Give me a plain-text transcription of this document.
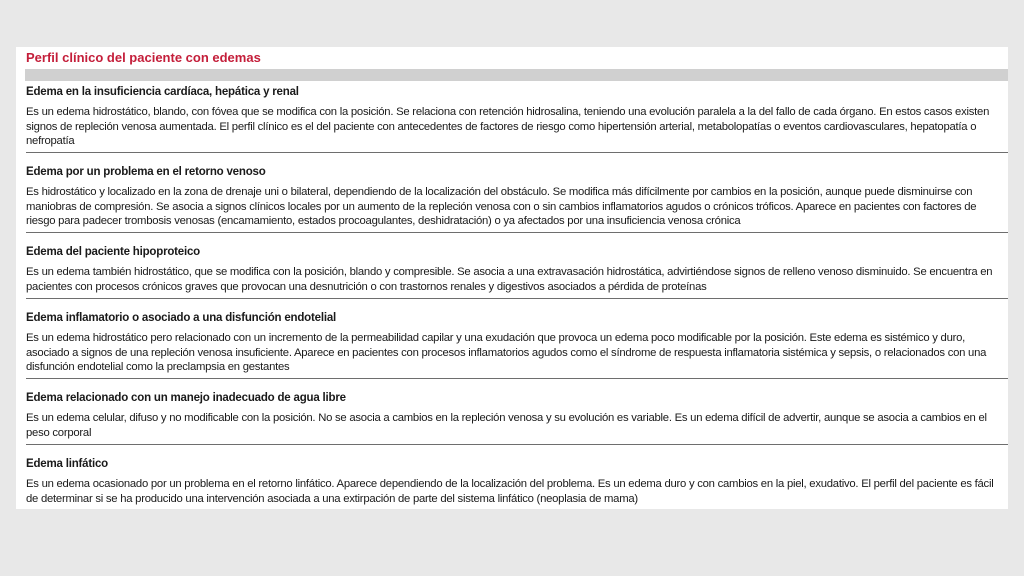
Perfil clínico del paciente con edemas
Edema en la insuficiencia cardíaca, hepática y renal
Es un edema hidrostático, blando, con fóvea que se modifica con la posición. Se relaciona con retención hidrosalina, teniendo una evolución paralela a la del fallo de cada órgano. En estos casos existen signos de repleción venosa aumentada. El perfil clínico es el del paciente con antecedentes de factores de riesgo como hipertensión arterial, metabolopatías o eventos cardiovasculares, hepatopatía o nefropatía
Edema por un problema en el retorno venoso
Es hidrostático y localizado en la zona de drenaje uni o bilateral, dependiendo de la localización del obstáculo. Se modifica más difícilmente por cambios en la posición, aunque puede disminuirse con maniobras de compresión. Se asocia a signos clínicos locales por un aumento de la repleción venosa con o sin cambios inflamatorios agudos o crónicos tróficos. Aparece en pacientes con factores de riesgo para padecer trombosis venosas (encamamiento, estados procoagulantes, deshidratación) o ya afectados por una insuficiencia venosa crónica
Edema del paciente hipoproteico
Es un edema también hidrostático, que se modifica con la posición, blando y compresible. Se asocia a una extravasación hidrostática, advirtiéndose signos de relleno venoso disminuido. Se encuentra en pacientes con procesos crónicos graves que provocan una desnutrición o con trastornos renales y digestivos asociados a pérdida de proteínas
Edema inflamatorio o asociado a una disfunción endotelial
Es un edema hidrostático pero relacionado con un incremento de la permeabilidad capilar y una exudación que provoca un edema poco modificable por la posición. Este edema es sistémico y duro, asociado a signos de una repleción venosa insuficiente. Aparece en pacientes con procesos inflamatorios agudos como el síndrome de respuesta inflamatoria sistémica y sepsis, o relacionados con una disfunción endotelial como la preclampsia en gestantes
Edema relacionado con un manejo inadecuado de agua libre
Es un edema celular, difuso y no modificable con la posición. No se asocia a cambios en la repleción venosa y su evolución es variable. Es un edema difícil de advertir, aunque se asocia a cambios en el peso corporal
Edema linfático
Es un edema ocasionado por un problema en el retorno linfático. Aparece dependiendo de la localización del problema. Es un edema duro y con cambios en la piel, exudativo. El perfil del paciente es fácil de determinar si se ha producido una intervención asociada a una extirpación de parte del sistema linfático (neoplasia de mama)
